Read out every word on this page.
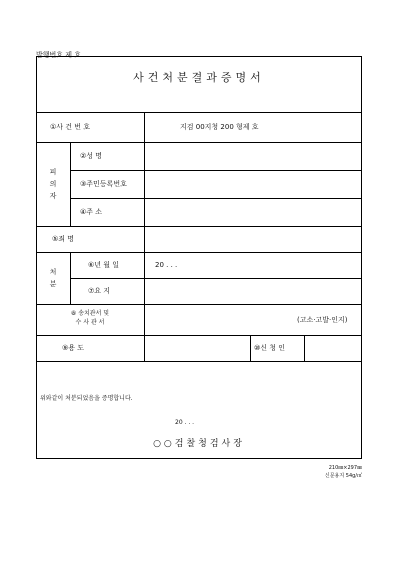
발행번호 제 호
사건처분결과증명서
①사 건 번 호	지검 00지청 200 형제 호
피
의
자
②성 명
③주민등록번호
④주 소
⑤죄 명
처
분
⑥년 월 일	20 . . .
⑦요 지
⑧ 송치관서 및
수 사 관 서	(고소·고발·인지)
⑨용 도	⑩신 청 인
위와같이 처분되었음을 증명합니다.
20 . . .
○○검찰청검사장
210㎜×297㎜
신문용지 54g/㎡
